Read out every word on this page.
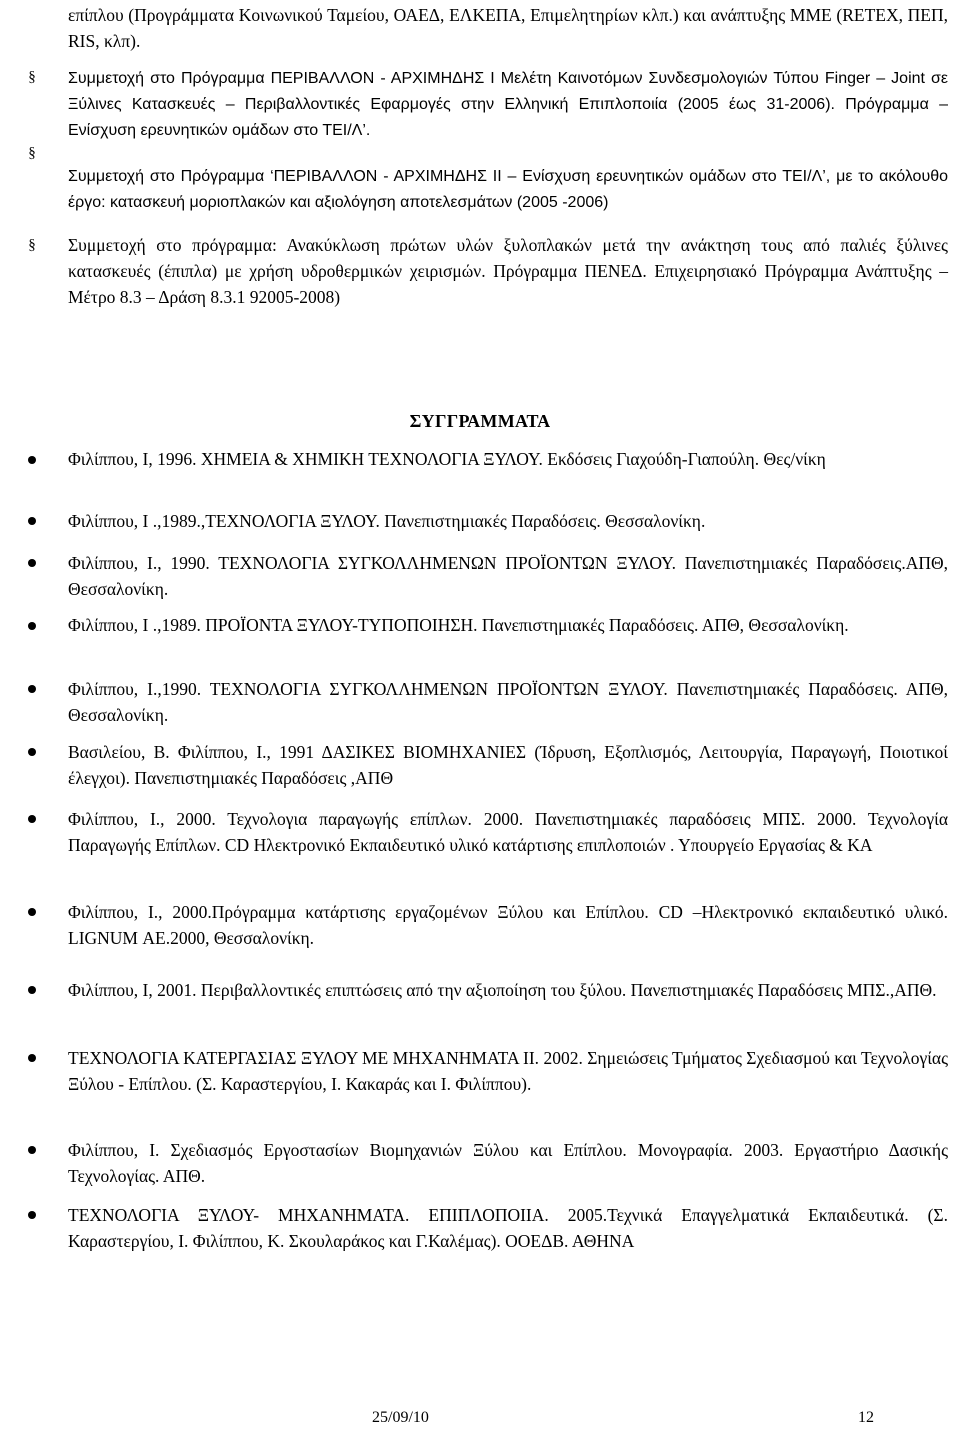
επίπλου (Προγράμματα Κοινωνικού Ταμείου, ΟΑΕΔ, ΕΛΚΕΠΑ, Επιμελητηρίων κλπ.) και ανάπτυξης ΜΜΕ (RETEX, ΠΕΠ, RIS, κλπ).

§ Συμμετοχή στο Πρόγραμμα ΠΕΡΙΒΑΛΛΟΝ - ΑΡΧΙΜΗΔΗΣ Ι Μελέτη Καινοτόμων Συνδεσμολογιών Τύπου Finger – Joint σε Ξύλινες Κατασκευές – Περιβαλλοντικές Εφαρμογές στην Ελληνική Επιπλοποιία (2005 έως 31-2006). Πρόγραμμα – Ενίσχυση ερευνητικών ομάδων στο ΤΕΙ/Λ’.

§

Συμμετοχή στο Πρόγραμμα ‘ΠΕΡΙΒΑΛΛΟΝ - ΑΡΧΙΜΗΔΗΣ ΙΙ – Ενίσχυση ερευνητικών ομάδων στο ΤΕΙ/Λ’, με το ακόλουθο έργο: κατασκευή μοριοπλακών και αξιολόγηση αποτελεσμάτων (2005 -2006)

§ Συμμετοχή στο πρόγραμμα: Ανακύκλωση πρώτων υλών ξυλοπλακών μετά την ανάκτηση τους από παλιές ξύλινες κατασκευές (έπιπλα) με χρήση υδροθερμικών χειρισμών. Πρόγραμμα ΠΕΝΕΔ. Επιχειρησιακό Πρόγραμμα Ανάπτυξης – Μέτρο 8.3 – Δράση 8.3.1 92005-2008)

ΣΥΓΓΡΑΜΜΑΤΑ

Φιλίππου, Ι, 1996. ΧΗΜΕΙΑ & ΧΗΜΙΚΗ ΤΕΧΝΟΛΟΓΙΑ ΞΥΛΟΥ. Εκδόσεις Γιαχούδη-Γιαπούλη. Θες/νίκη

Φιλίππου, Ι .,1989.,ΤΕΧΝΟΛΟΓΙΑ ΞΥΛΟΥ. Πανεπιστημιακές Παραδόσεις. Θεσσαλονίκη.

Φιλίππου, Ι., 1990. ΤΕΧΝΟΛΟΓΙΑ ΣΥΓΚΟΛΛΗΜΕΝΩΝ ΠΡΟΪΟΝΤΩΝ ΞΥΛΟΥ. Πανεπιστημιακές Παραδόσεις.ΑΠΘ, Θεσσαλονίκη.

Φιλίππου, Ι .,1989. ΠΡΟΪΟΝΤΑ ΞΥΛΟΥ-ΤΥΠΟΠΟΙΗΣΗ. Πανεπιστημιακές Παραδόσεις. ΑΠΘ, Θεσσαλονίκη.

Φιλίππου, Ι.,1990. ΤΕΧΝΟΛΟΓΙΑ ΣΥΓΚΟΛΛΗΜΕΝΩΝ ΠΡΟΪΟΝΤΩΝ ΞΥΛΟΥ. Πανεπιστημιακές Παραδόσεις. ΑΠΘ, Θεσσαλονίκη.

Βασιλείου, Β. Φιλίππου, Ι., 1991 ΔΑΣΙΚΕΣ ΒΙΟΜΗΧΑΝΙΕΣ (Ίδρυση, Εξοπλισμός, Λειτουργία, Παραγωγή, Ποιοτικοί έλεγχοι). Πανεπιστημιακές Παραδόσεις ,ΑΠΘ

Φιλίππου, Ι., 2000. Τεχνολογια παραγωγής επίπλων. 2000. Πανεπιστημιακές παραδόσεις ΜΠΣ. 2000. Τεχνολογία Παραγωγής Επίπλων. CD Ηλεκτρονικό Εκπαιδευτικό υλικό κατάρτισης επιπλοποιών . Υπουργείο Εργασίας & ΚΑ

Φιλίππου, Ι., 2000.Πρόγραμμα κατάρτισης εργαζομένων Ξύλου και Επίπλου. CD –Ηλεκτρονικό εκπαιδευτικό υλικό. LIGNUM ΑΕ.2000, Θεσσαλονίκη.

Φιλίππου, Ι, 2001. Περιβαλλοντικές επιπτώσεις από την αξιοποίηση του ξύλου. Πανεπιστημιακές Παραδόσεις ΜΠΣ.,ΑΠΘ.

ΤΕΧΝΟΛΟΓΙΑ ΚΑΤΕΡΓΑΣΙΑΣ ΞΥΛΟΥ ΜΕ ΜΗΧΑΝΗΜΑΤΑ ΙΙ. 2002. Σημειώσεις Τμήματος Σχεδιασμού και Τεχνολογίας Ξύλου - Επίπλου. (Σ. Καραστεργίου, Ι. Κακαράς και Ι. Φιλίππου).

Φιλίππου, Ι. Σχεδιασμός Εργοστασίων Βιομηχανιών Ξύλου και Επίπλου. Μονογραφία. 2003. Εργαστήριο Δασικής Τεχνολογίας. ΑΠΘ.

ΤΕΧΝΟΛΟΓΙΑ ΞΥΛΟΥ- ΜΗΧΑΝΗΜΑΤΑ. ΕΠΙΠΛΟΠΟΙΙΑ. 2005.Τεχνικά Επαγγελματικά Εκπαιδευτικά. (Σ. Καραστεργίου, Ι. Φιλίππου, Κ. Σκουλαράκος και Γ.Καλέμας). ΟΟΕΔΒ. ΑΘΗΝΑ

25/09/10	12
